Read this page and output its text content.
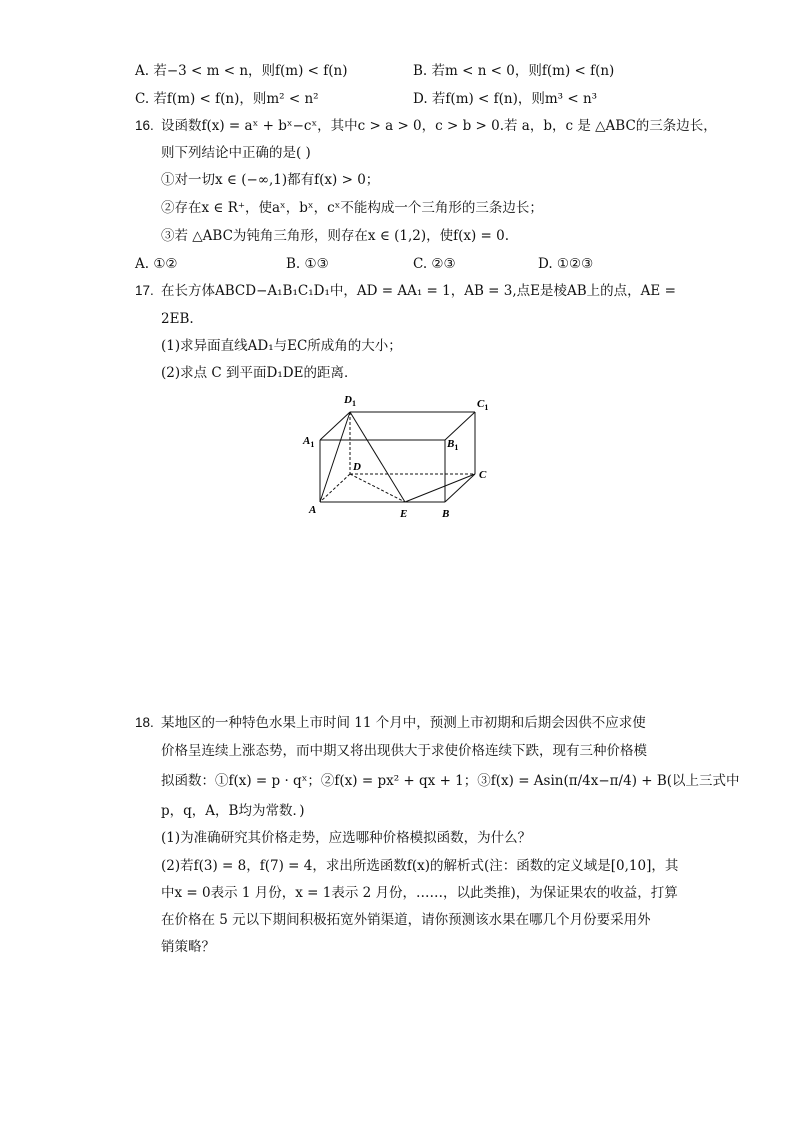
A. 若−3 < m < n，则f(m) < f(n)	B. 若m < n < 0，则f(m) < f(n)
C. 若f(m) < f(n)，则m² < n²	D. 若f(m) < f(n)，则m³ < n³
16. 设函数f(x) = aˣ + bˣ−cˣ，其中c > a > 0，c > b > 0.若 a，b，c 是 △ABC的三条边长，
则下列结论中正确的是( )
①对一切x ∈ (−∞,1)都有f(x) > 0；
②存在x ∈ R⁺，使aˣ，bˣ，cˣ不能构成一个三角形的三条边长；
③若 △ABC为钝角三角形，则存在x ∈ (1,2)，使f(x) = 0.
A. ①②	B. ①③	C. ②③	D. ①②③
17. 在长方体ABCD−A₁B₁C₁D₁中，AD = AA₁ = 1，AB = 3,点E是棱AB上的点，AE =
2EB.
(1)求异面直线AD₁与EC所成角的大小；
(2)求点 C 到平面D₁DE的距离．
$D_1$	$C_1$
$A_1$	$B_1$
D
C
A	E	B
18. 某地区的一种特色水果上市时间 11 个月中，预测上市初期和后期会因供不应求使
价格呈连续上涨态势，而中期又将出现供大于求使价格连续下跌，现有三种价格模
拟函数：①f(x) = p · qˣ；②f(x) = px² + qx + 1；③f(x) = Asin(π/4x−π/4) + B(以上三式中
p，q，A，B均为常数．)
(1)为准确研究其价格走势，应选哪种价格模拟函数，为什么？
(2)若f(3) = 8，f(7) = 4，求出所选函数f(x)的解析式(注：函数的定义域是[0,10]，其
中x = 0表示 1 月份，x = 1表示 2 月份，……，以此类推)，为保证果农的收益，打算
在价格在 5 元以下期间积极拓宽外销渠道，请你预测该水果在哪几个月份要采用外
销策略？
